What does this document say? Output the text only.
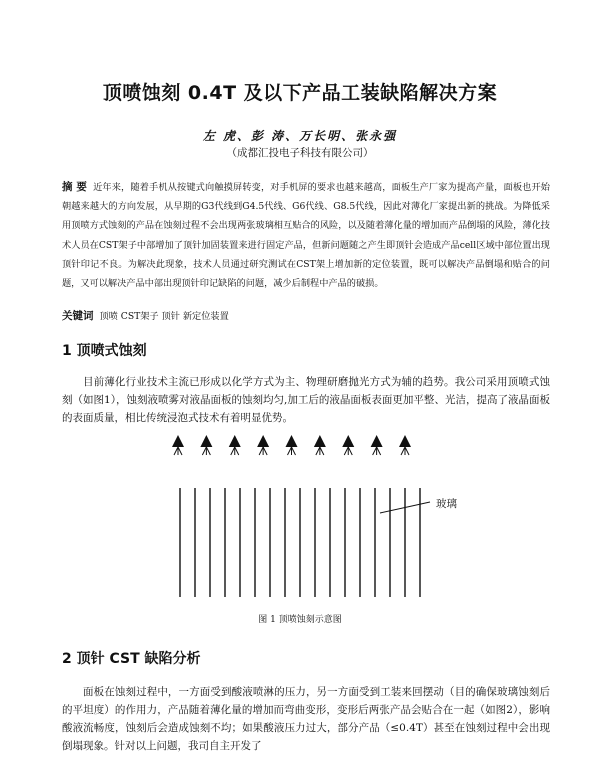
顶喷蚀刻 0.4T 及以下产品工装缺陷解决方案
左 虎、彭 涛、万长明、张永强
（成都汇投电子科技有限公司）
摘 要 近年来，随着手机从按键式向触摸屏转变，对手机屏的要求也越来越高，面板生产厂家为提高产量，面板也开始朝越来越大的方向发展，从早期的G3代线到G4.5代线、G6代线、G8.5代线，因此对薄化厂家提出新的挑战。为降低采用顶喷方式蚀刻的产品在蚀刻过程不会出现两张玻璃相互贴合的风险，以及随着薄化量的增加而产品倒塌的风险，薄化技术人员在CST架子中部增加了顶针加固装置来进行固定产品，但新问题随之产生即顶针会造成产品cell区域中部位置出现顶针印记不良。为解决此现象，技术人员通过研究测试在CST架上增加新的定位装置，既可以解决产品倒塌和贴合的问题，又可以解决产品中部出现顶针印记缺陷的问题，减少后制程中产品的破损。
关键词 顶喷 CST架子 顶针 新定位装置
1 顶喷式蚀刻
目前薄化行业技术主流已形成以化学方式为主、物理研磨抛光方式为辅的趋势。我公司采用顶喷式蚀刻（如图1），蚀刻液喷雾对液晶面板的蚀刻均匀,加工后的液晶面板表面更加平整、光洁，提高了液晶面板的表面质量，相比传统浸泡式技术有着明显优势。
玻璃
图 1 顶喷蚀刻示意图
2 顶针 CST 缺陷分析
面板在蚀刻过程中，一方面受到酸液喷淋的压力，另一方面受到工装来回摆动（目的确保玻璃蚀刻后的平坦度）的作用力，产品随着薄化量的增加而弯曲变形，变形后两张产品会贴合在一起（如图2），影响酸液流畅度，蚀刻后会造成蚀刻不均；如果酸液压力过大，部分产品（≤0.4T）甚至在蚀刻过程中会出现倒塌现象。针对以上问题，我司自主开发了
